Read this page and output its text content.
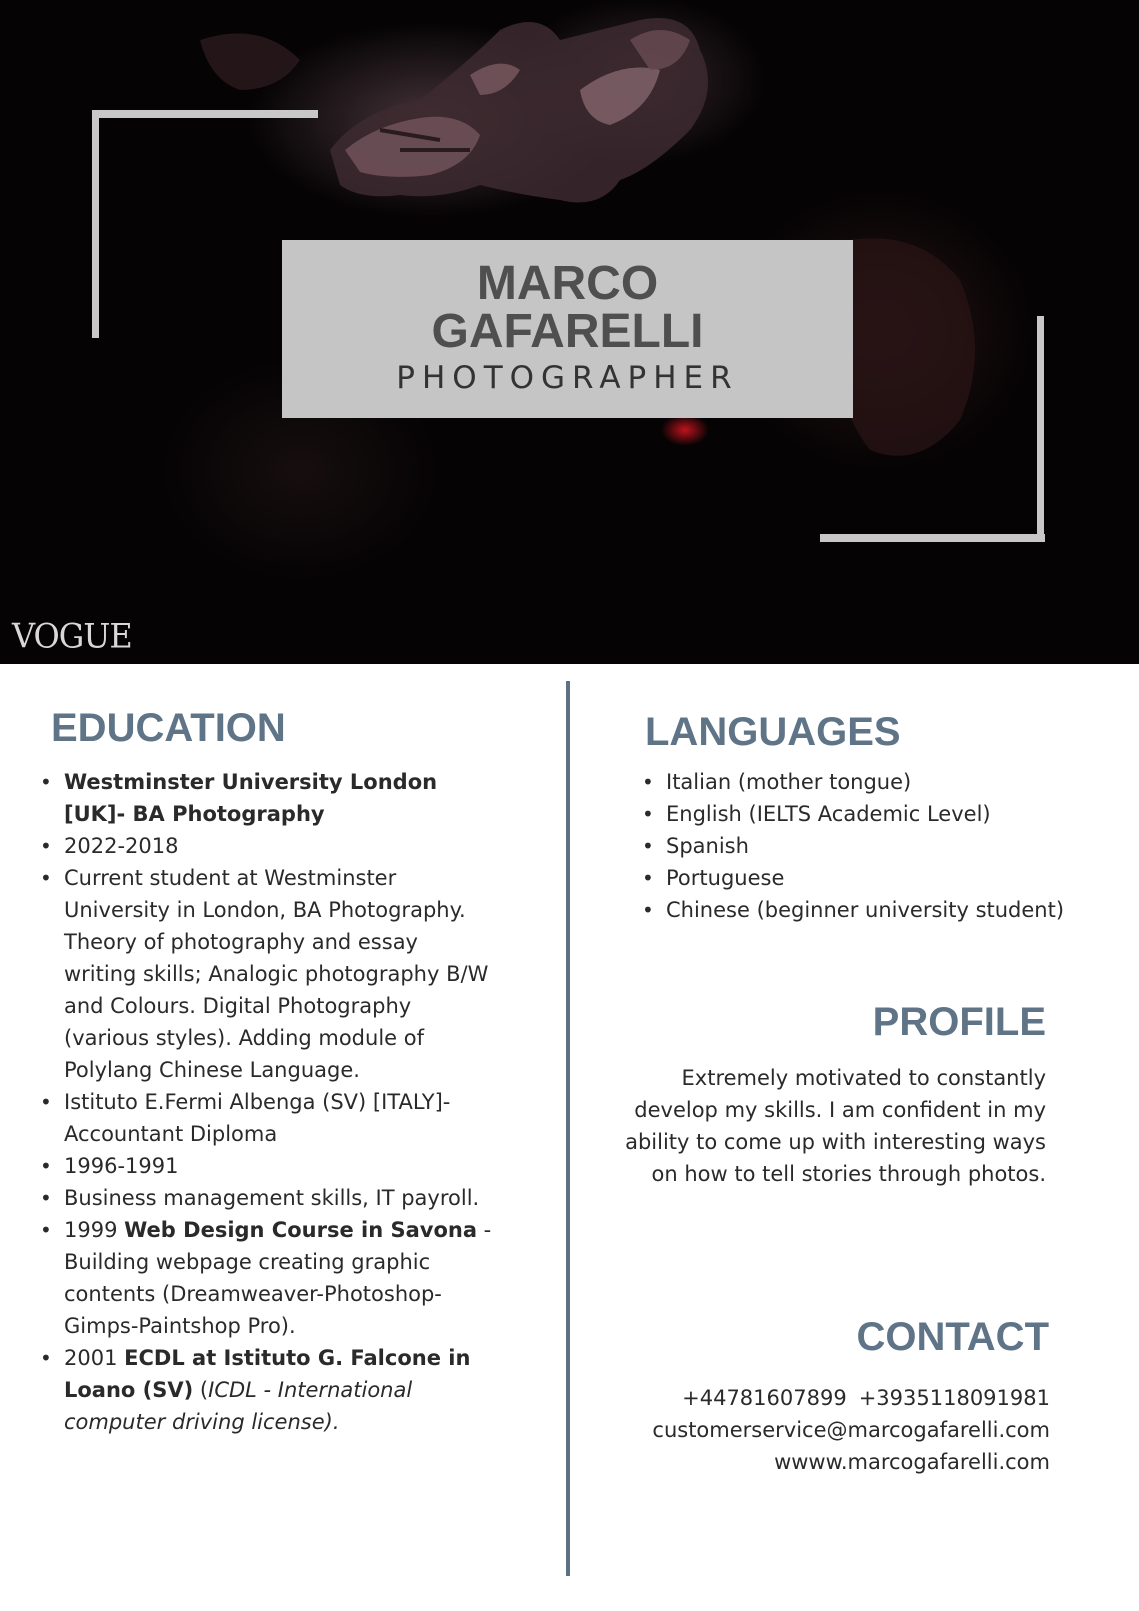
MARCO
GAFARELLI
PHOTOGRAPHER
VOGUE
EDUCATION
• Westminster University London [UK]- BA Photography
• 2022-2018
• Current student at Westminster University in London, BA Photography. Theory of photography and essay writing skills; Analogic photography B/W and Colours. Digital Photography (various styles). Adding module of Polylang Chinese Language.
• Istituto E.Fermi Albenga (SV) [ITALY]-Accountant Diploma
• 1996-1991
• Business management skills, IT payroll.
• 1999 Web Design Course in Savona - Building webpage creating graphic contents (Dreamweaver-Photoshop-Gimps-Paintshop Pro).
• 2001 ECDL at Istituto G. Falcone in Loano (SV) (ICDL - International computer driving license).
LANGUAGES
• Italian (mother tongue)
• English (IELTS Academic Level)
• Spanish
• Portuguese
• Chinese (beginner university student)
PROFILE
Extremely motivated to constantly develop my skills. I am confident in my ability to come up with interesting ways on how to tell stories through photos.
CONTACT
+44781607899 +3935118091981
customerservice@marcogafarelli.com
wwww.marcogafarelli.com
